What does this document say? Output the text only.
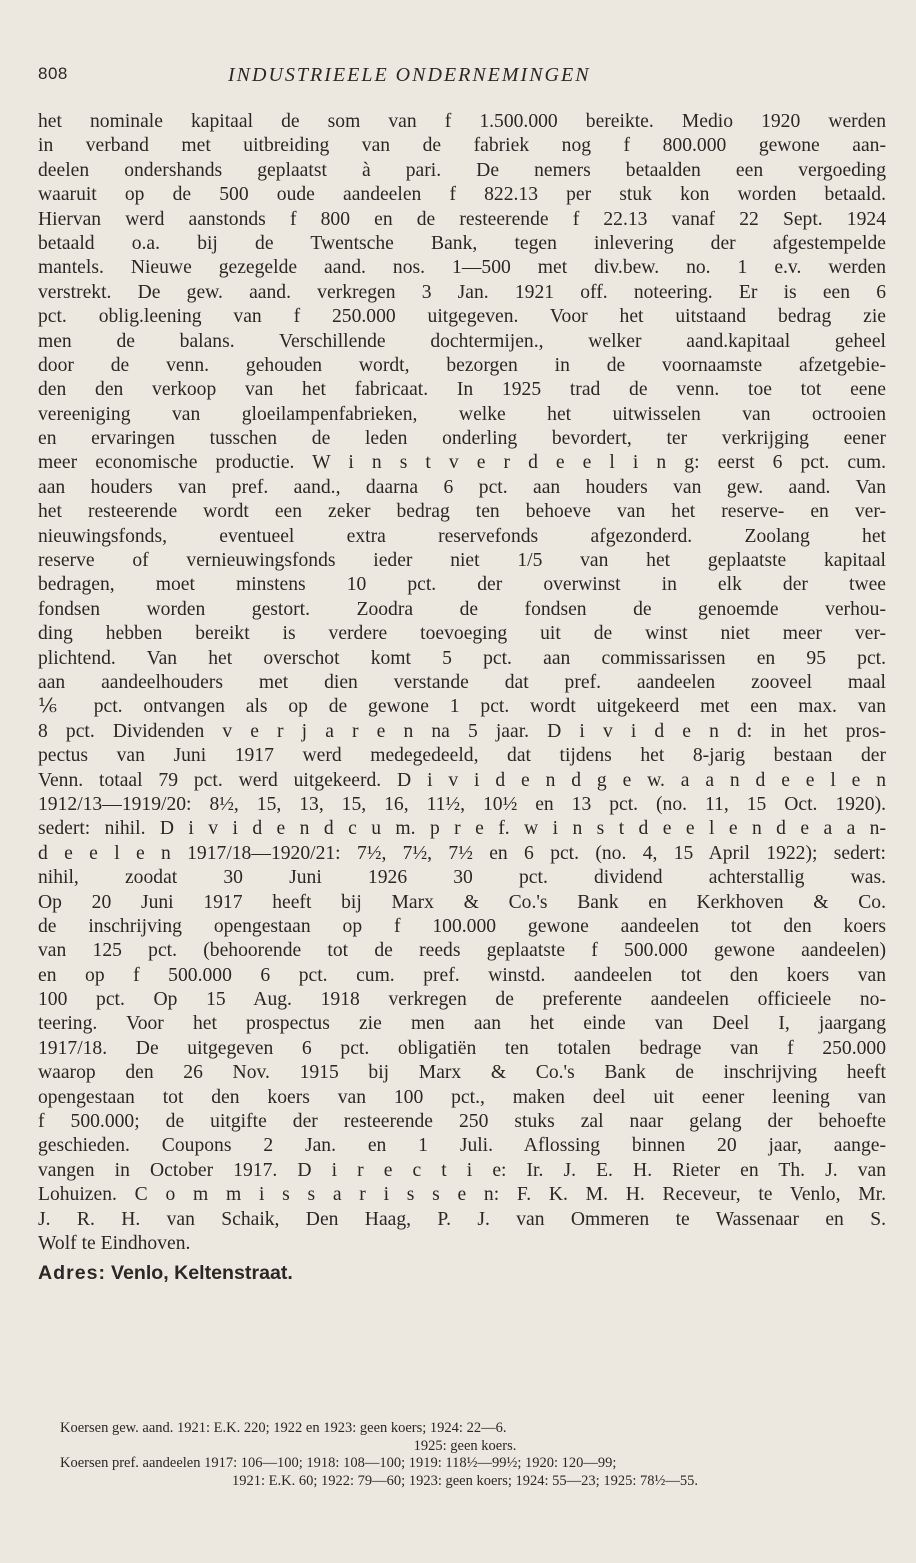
808	INDUSTRIEELE ONDERNEMINGEN
het nominale kapitaal de som van f 1.500.000 bereikte. Medio 1920 werden
in verband met uitbreiding van de fabriek nog f 800.000 gewone aan-
deelen ondershands geplaatst à pari. De nemers betaalden een vergoeding
waaruit op de 500 oude aandeelen f 822.13 per stuk kon worden betaald.
Hiervan werd aanstonds f 800 en de resteerende f 22.13 vanaf 22 Sept. 1924
betaald o.a. bij de Twentsche Bank, tegen inlevering der afgestempelde
mantels. Nieuwe gezegelde aand. nos. 1—500 met div.bew. no. 1 e.v. werden
verstrekt. De gew. aand. verkregen 3 Jan. 1921 off. noteering. Er is een 6
pct. oblig.leening van f 250.000 uitgegeven. Voor het uitstaand bedrag zie
men de balans. Verschillende dochtermijen., welker aand.kapitaal geheel
door de venn. gehouden wordt, bezorgen in de voornaamste afzetgebie-
den den verkoop van het fabricaat. In 1925 trad de venn. toe tot eene
vereeniging van gloeilampenfabrieken, welke het uitwisselen van octrooien
en ervaringen tusschen de leden onderling bevordert, ter verkrijging eener
meer economische productie. W i n s t v e r d e e l i n g: eerst 6 pct. cum.
aan houders van pref. aand., daarna 6 pct. aan houders van gew. aand. Van
het resteerende wordt een zeker bedrag ten behoeve van het reserve- en ver-
nieuwingsfonds, eventueel extra reservefonds afgezonderd. Zoolang het
reserve of vernieuwingsfonds ieder niet 1/5 van het geplaatste kapitaal
bedragen, moet minstens 10 pct. der overwinst in elk der twee
fondsen worden gestort. Zoodra de fondsen de genoemde verhou-
ding hebben bereikt is verdere toevoeging uit de winst niet meer ver-
plichtend. Van het overschot komt 5 pct. aan commissarissen en 95 pct.
aan aandeelhouders met dien verstande dat pref. aandeelen zooveel maal
⅙ pct. ontvangen als op de gewone 1 pct. wordt uitgekeerd met een max. van
8 pct. Dividenden v e r j a r e n na 5 jaar. D i v i d e n d: in het pros-
pectus van Juni 1917 werd medegedeeld, dat tijdens het 8-jarig bestaan der
Venn. totaal 79 pct. werd uitgekeerd. D i v i d e n d g e w. a a n d e e l e n
1912/13—1919/20: 8½, 15, 13, 15, 16, 11½, 10½ en 13 pct. (no. 11, 15 Oct. 1920).
sedert: nihil. D i v i d e n d c u m. p r e f. w i n s t d e e l e n d e a a n-
d e e l e n 1917/18—1920/21: 7½, 7½, 7½ en 6 pct. (no. 4, 15 April 1922); sedert:
nihil, zoodat 30 Juni 1926 30 pct. dividend achterstallig was.
Op 20 Juni 1917 heeft bij Marx & Co.'s Bank en Kerkhoven & Co.
de inschrijving opengestaan op f 100.000 gewone aandeelen tot den koers
van 125 pct. (behoorende tot de reeds geplaatste f 500.000 gewone aandeelen)
en op f 500.000 6 pct. cum. pref. winstd. aandeelen tot den koers van
100 pct. Op 15 Aug. 1918 verkregen de preferente aandeelen officieele no-
teering. Voor het prospectus zie men aan het einde van Deel I, jaargang
1917/18. De uitgegeven 6 pct. obligatiën ten totalen bedrage van f 250.000
waarop den 26 Nov. 1915 bij Marx & Co.'s Bank de inschrijving heeft
opengestaan tot den koers van 100 pct., maken deel uit eener leening van
f 500.000; de uitgifte der resteerende 250 stuks zal naar gelang der behoefte
geschieden. Coupons 2 Jan. en 1 Juli. Aflossing binnen 20 jaar, aange-
vangen in October 1917. D i r e c t i e: Ir. J. E. H. Rieter en Th. J. van
Lohuizen. C o m m i s s a r i s s e n: F. K. M. H. Receveur, te Venlo, Mr.
J. R. H. van Schaik, Den Haag, P. J. van Ommeren te Wassenaar en S.
Wolf te Eindhoven.
Adres: Venlo, Keltenstraat.
Koersen gew. aand. 1921: E.K. 220; 1922 en 1923: geen koers; 1924: 22—6.
1925: geen koers.
Koersen pref. aandeelen 1917: 106—100; 1918: 108—100; 1919: 118½—99½; 1920: 120—99;
1921: E.K. 60; 1922: 79—60; 1923: geen koers; 1924: 55—23; 1925: 78½—55.
